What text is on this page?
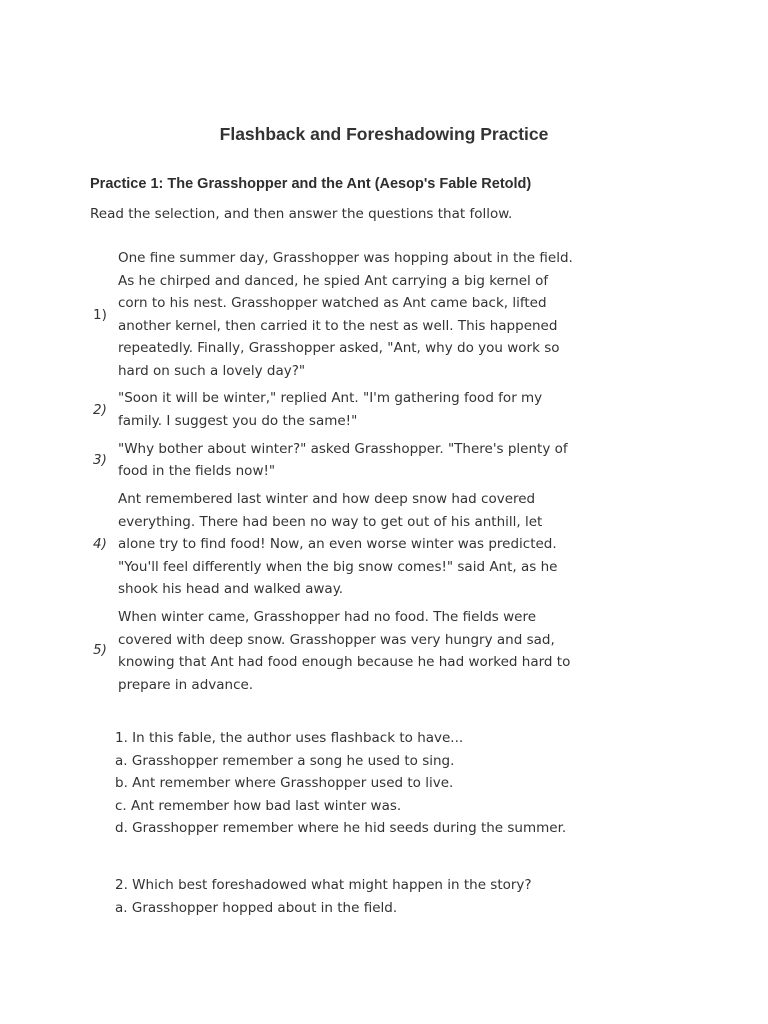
Flashback and Foreshadowing Practice
Practice 1: The Grasshopper and the Ant (Aesop's Fable Retold)
Read the selection, and then answer the questions that follow.
1)
One fine summer day, Grasshopper was hopping about in the field.
As he chirped and danced, he spied Ant carrying a big kernel of
corn to his nest. Grasshopper watched as Ant came back, lifted
another kernel, then carried it to the nest as well. This happened
repeatedly. Finally, Grasshopper asked, "Ant, why do you work so
hard on such a lovely day?"
2)
"Soon it will be winter," replied Ant. "I'm gathering food for my
family. I suggest you do the same!"
3)
"Why bother about winter?" asked Grasshopper. "There's plenty of
food in the fields now!"
4)
Ant remembered last winter and how deep snow had covered
everything. There had been no way to get out of his anthill, let
alone try to find food! Now, an even worse winter was predicted.
"You'll feel differently when the big snow comes!" said Ant, as he
shook his head and walked away.
5)
When winter came, Grasshopper had no food. The fields were
covered with deep snow. Grasshopper was very hungry and sad,
knowing that Ant had food enough because he had worked hard to
prepare in advance.
1. In this fable, the author uses flashback to have...
a. Grasshopper remember a song he used to sing.
b. Ant remember where Grasshopper used to live.
c. Ant remember how bad last winter was.
d. Grasshopper remember where he hid seeds during the summer.
2. Which best foreshadowed what might happen in the story?
a. Grasshopper hopped about in the field.
